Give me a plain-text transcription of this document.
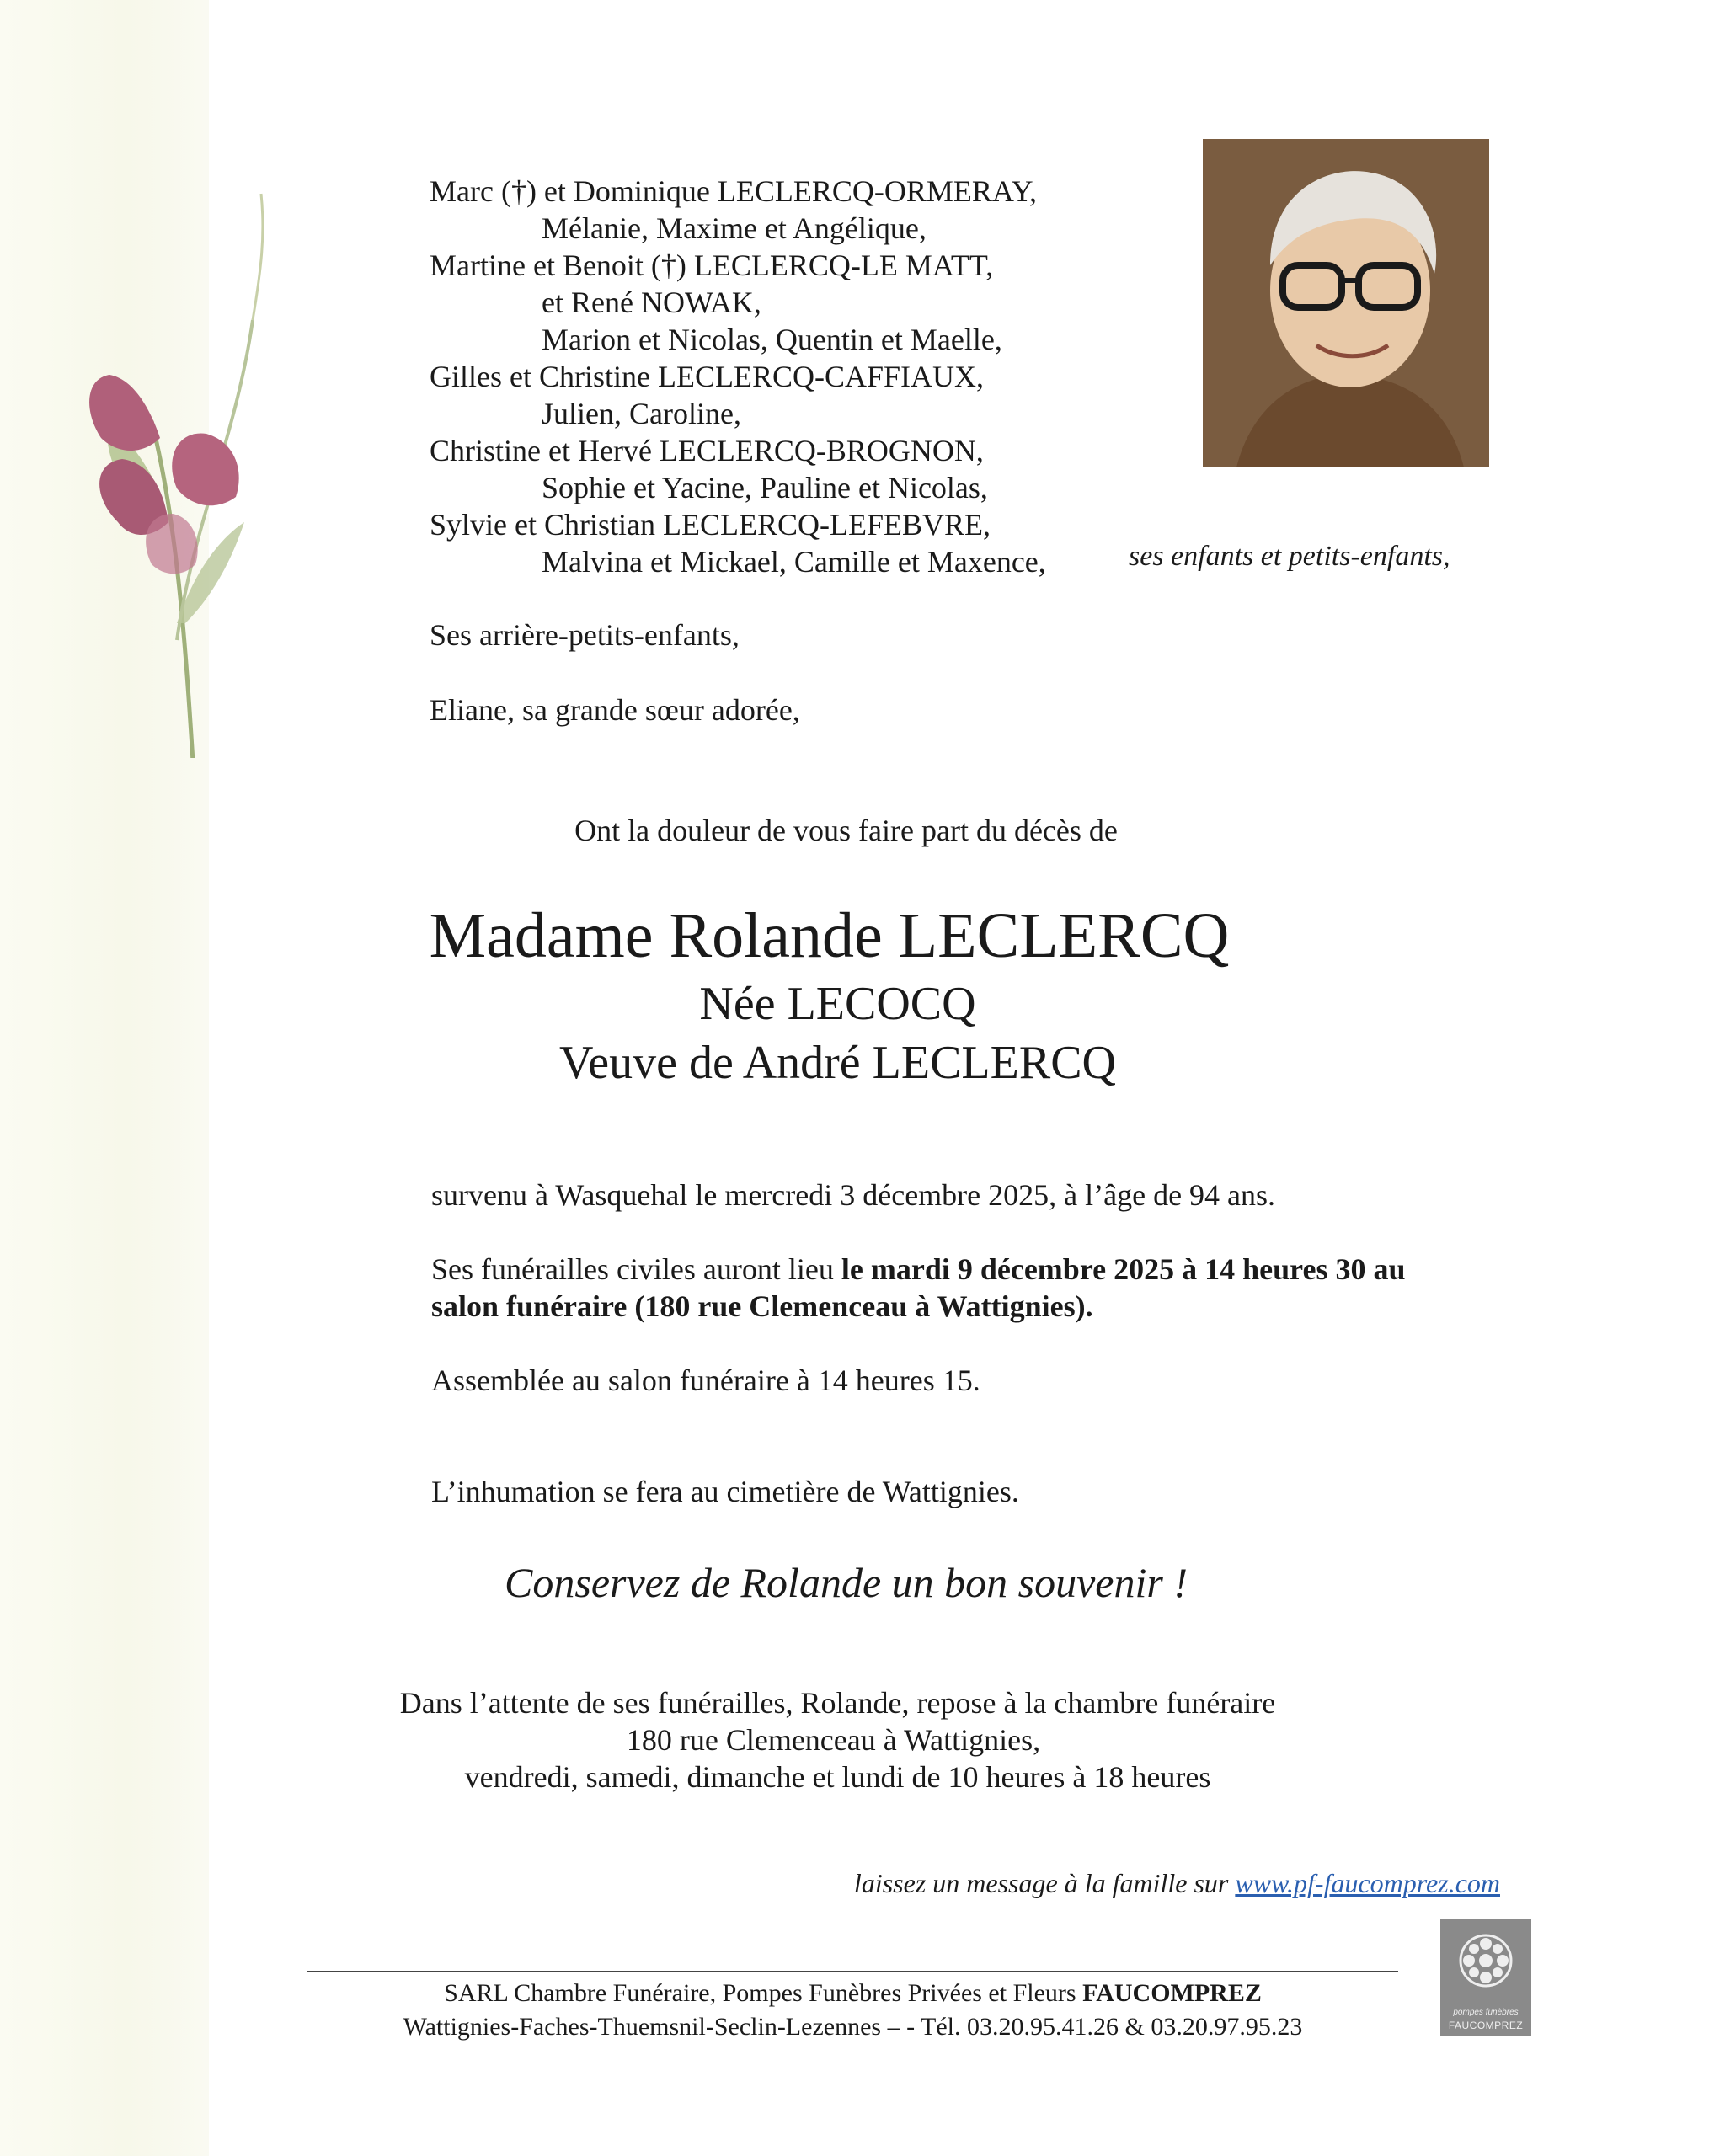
Marc (†) et Dominique LECLERCQ-ORMERAY,
Mélanie, Maxime et Angélique,
Martine et Benoit (†) LECLERCQ-LE MATT,
et René NOWAK,
Marion et Nicolas, Quentin et Maelle,
Gilles et Christine LECLERCQ-CAFFIAUX,
Julien, Caroline,
Christine et Hervé LECLERCQ-BROGNON,
Sophie et Yacine, Pauline et Nicolas,
Sylvie et Christian LECLERCQ-LEFEBVRE,
Malvina et Mickael, Camille et Maxence,	ses enfants et petits-enfants,
Ses arrière-petits-enfants,
Eliane, sa grande sœur adorée,
Ont la douleur de vous faire part du décès de
Madame Rolande LECLERCQ
Née LECOCQ
Veuve de André LECLERCQ
survenu à Wasquehal le mercredi 3 décembre 2025, à l’âge de 94 ans.
Ses funérailles civiles auront lieu le mardi 9 décembre 2025 à 14 heures 30 au
salon funéraire (180 rue Clemenceau à Wattignies).
Assemblée au salon funéraire à 14 heures 15.
L’inhumation se fera au cimetière de Wattignies.
Conservez de Rolande un bon souvenir !
Dans l’attente de ses funérailles, Rolande, repose à la chambre funéraire
180 rue Clemenceau à Wattignies,
vendredi, samedi, dimanche et lundi de 10 heures à 18 heures
laissez un message à la famille sur www.pf-faucomprez.com
SARL Chambre Funéraire, Pompes Funèbres Privées et Fleurs FAUCOMPREZ
Wattignies-Faches-Thuemsnil-Seclin-Lezennes – - Tél. 03.20.95.41.26 & 03.20.97.95.23
pompes funèbres
FAUCOMPREZ
